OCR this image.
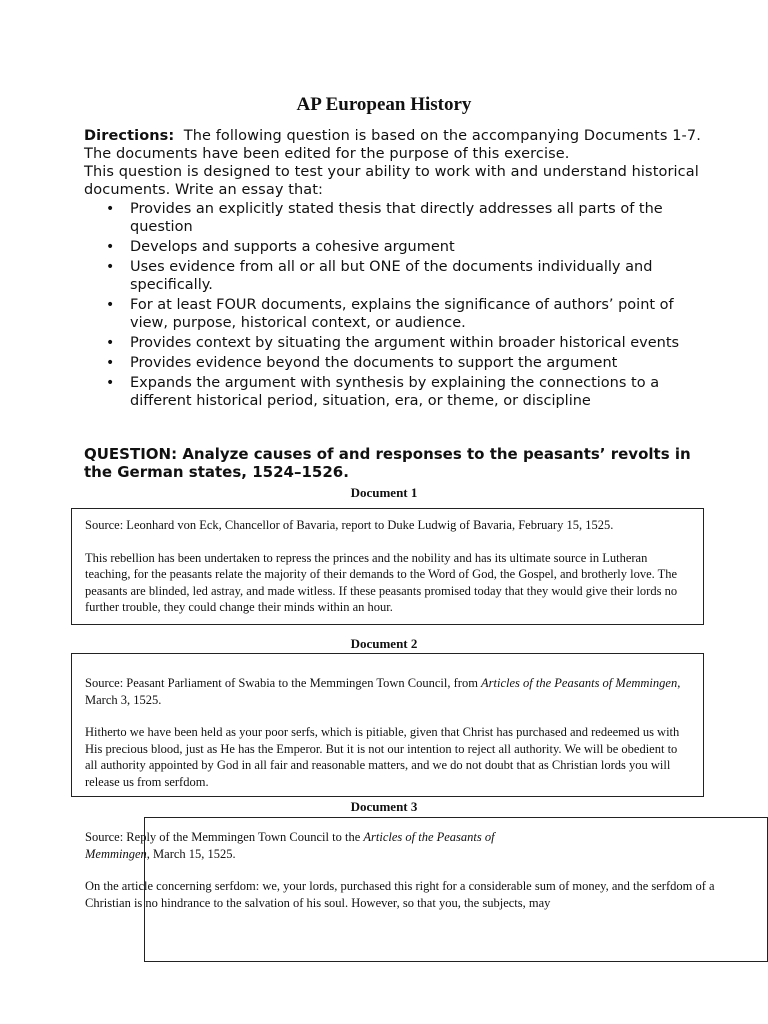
AP European History
Directions: The following question is based on the accompanying Documents 1-7. The documents have been edited for the purpose of this exercise.
This question is designed to test your ability to work with and understand historical documents. Write an essay that:
• Provides an explicitly stated thesis that directly addresses all parts of the question
• Develops and supports a cohesive argument
• Uses evidence from all or all but ONE of the documents individually and specifically.
• For at least FOUR documents, explains the significance of authors’ point of view, purpose, historical context, or audience.
• Provides context by situating the argument within broader historical events
• Provides evidence beyond the documents to support the argument
• Expands the argument with synthesis by explaining the connections to a different historical period, situation, era, or theme, or discipline
QUESTION: Analyze causes of and responses to the peasants’ revolts in the German states, 1524–1526.
Document 1

Source: Leonhard von Eck, Chancellor of Bavaria, report to Duke Ludwig of Bavaria, February 15, 1525.

This rebellion has been undertaken to repress the princes and the nobility and has its ultimate source in Lutheran teaching, for the peasants relate the majority of their demands to the Word of God, the Gospel, and brotherly love. The peasants are blinded, led astray, and made witless. If these peasants promised today that they would give their lords no further trouble, they could change their minds within an hour.

Document 2

Source: Peasant Parliament of Swabia to the Memmingen Town Council, from Articles of the Peasants of Memmingen, March 3, 1525.

Hitherto we have been held as your poor serfs, which is pitiable, given that Christ has purchased and redeemed us with His precious blood, just as He has the Emperor. But it is not our intention to reject all authority. We will be obedient to all authority appointed by God in all fair and reasonable matters, and we do not doubt that as Christian lords you will release us from serfdom.

Document 3

Source: Reply of the Memmingen Town Council to the Articles of the Peasants of
Memmingen, March 15, 1525.

On the article concerning serfdom: we, your lords, purchased this right for a considerable sum of money, and the serfdom of a Christian is no hindrance to the salvation of his soul. However, so that you, the subjects, may
